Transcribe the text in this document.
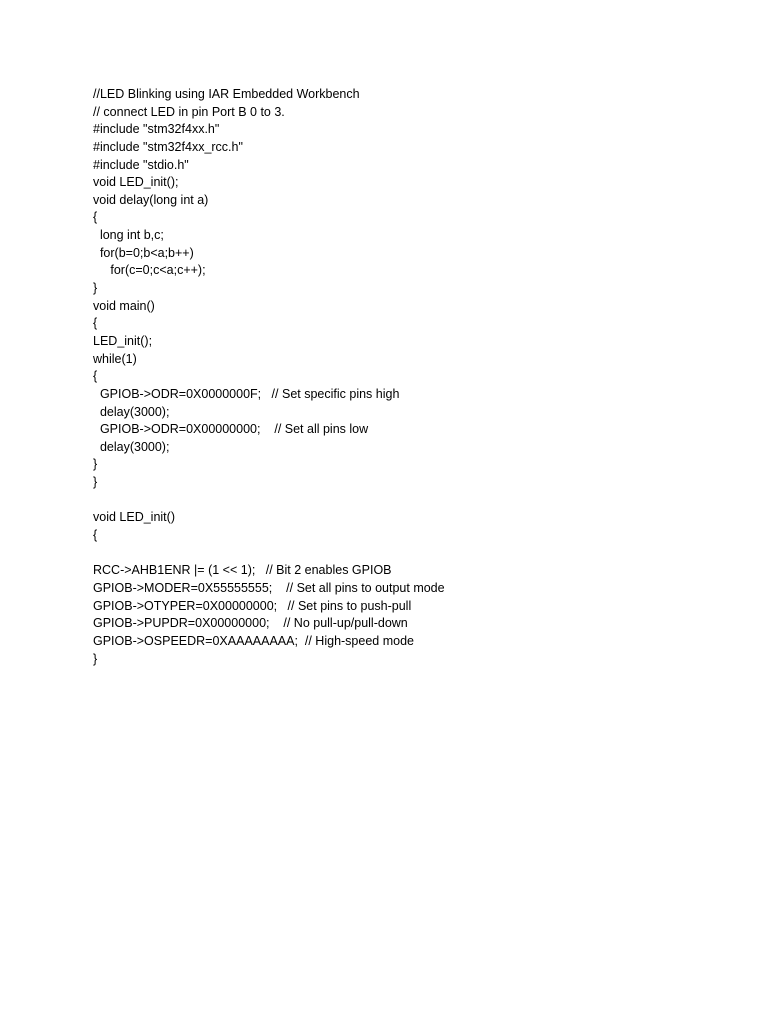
//LED Blinking using IAR Embedded Workbench
// connect LED in pin Port B 0 to 3.
#include "stm32f4xx.h"
#include "stm32f4xx_rcc.h"
#include "stdio.h"
void LED_init();
void delay(long int a)
{
long int b,c;
for(b=0;b<a;b++)
for(c=0;c<a;c++);
}
void main()
{
LED_init();
while(1)
{
GPIOB->ODR=0X0000000F;   // Set specific pins high
delay(3000);
GPIOB->ODR=0X00000000;    // Set all pins low
delay(3000);
}
}
void LED_init()
{
RCC->AHB1ENR |= (1 << 1);   // Bit 2 enables GPIOB
GPIOB->MODER=0X55555555;    // Set all pins to output mode
GPIOB->OTYPER=0X00000000;   // Set pins to push-pull
GPIOB->PUPDR=0X00000000;    // No pull-up/pull-down
GPIOB->OSPEEDR=0XAAAAAAAA;  // High-speed mode
}
